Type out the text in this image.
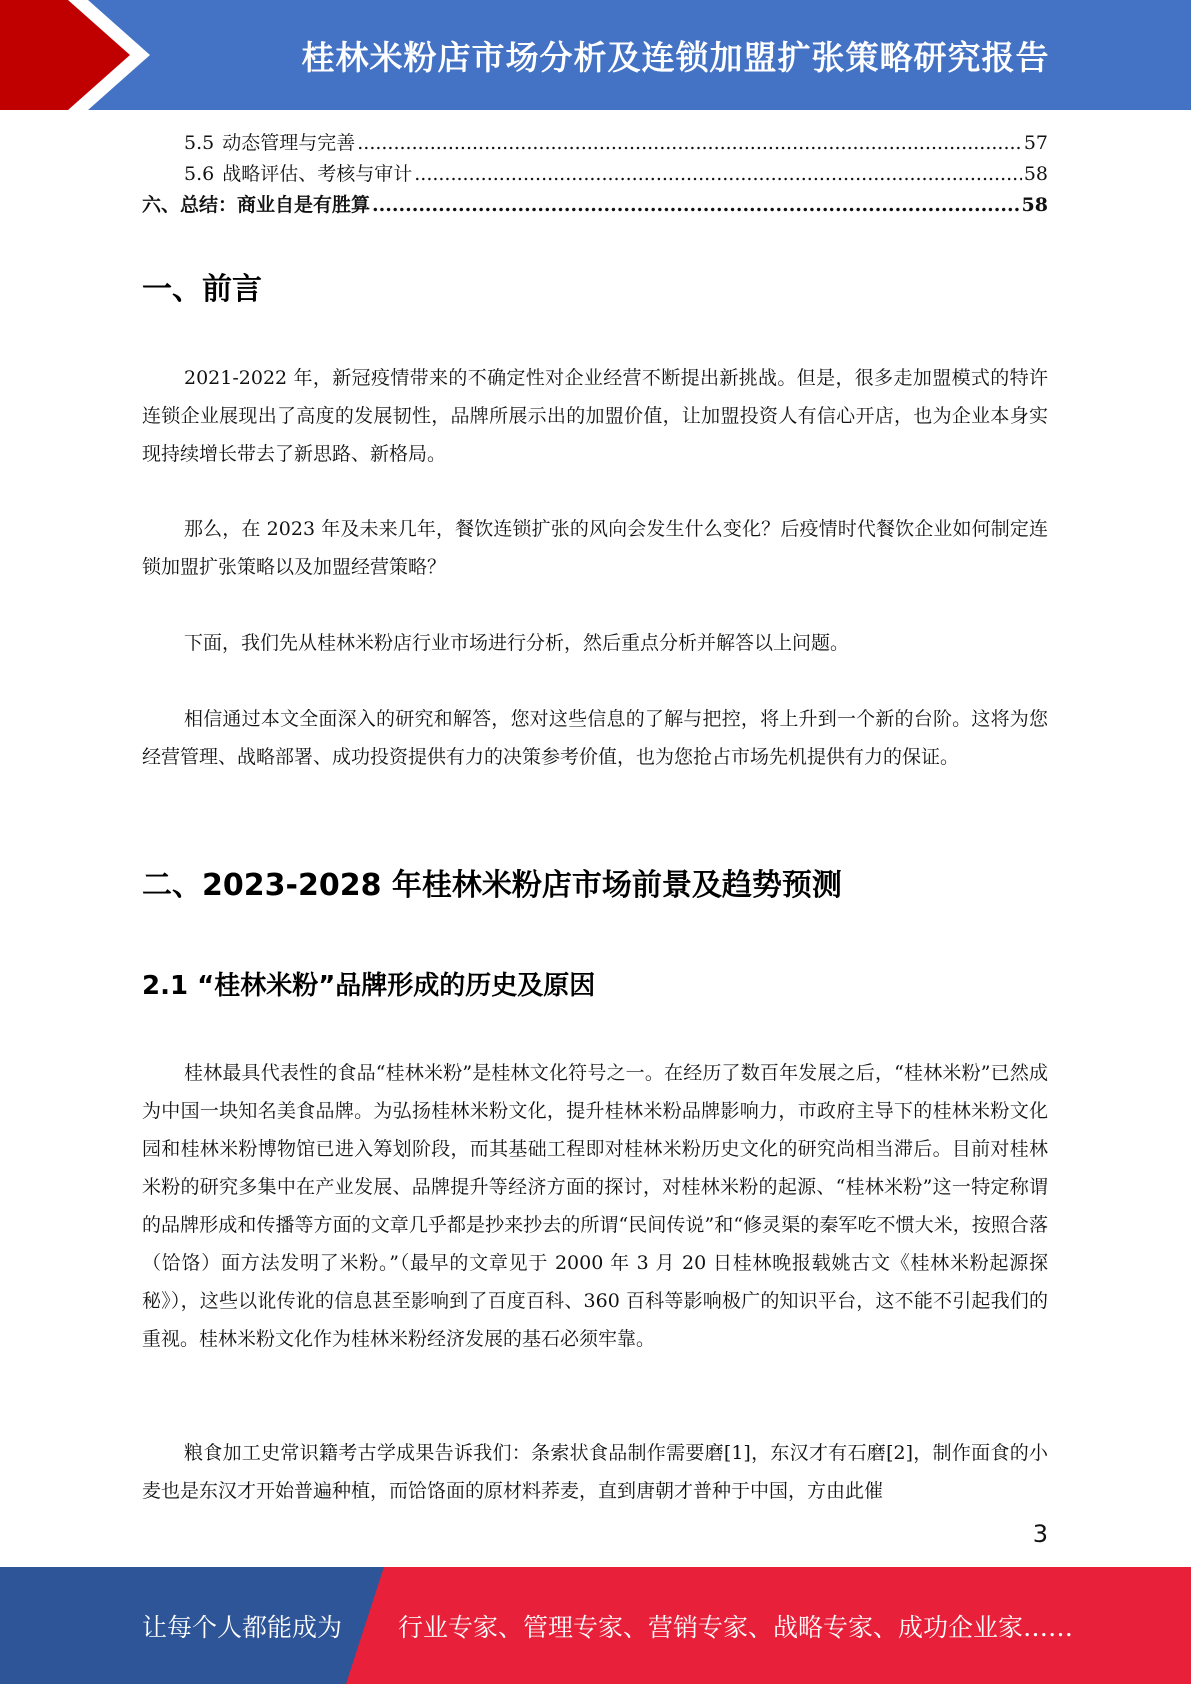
桂林米粉店市场分析及连锁加盟扩张策略研究报告
5.5 动态管理与完善 .....	57
5.6 战略评估、考核与审计 .....	58
六、总结：商业自是有胜算 .....	58
一、前言

2021-2022 年，新冠疫情带来的不确定性对企业经营不断提出新挑战。但是，很多走加盟模式的特许连锁企业展现出了高度的发展韧性，品牌所展示出的加盟价值，让加盟投资人有信心开店，也为企业本身实现持续增长带去了新思路、新格局。

那么，在 2023 年及未来几年，餐饮连锁扩张的风向会发生什么变化？后疫情时代餐饮企业如何制定连锁加盟扩张策略以及加盟经营策略？

下面，我们先从桂林米粉店行业市场进行分析，然后重点分析并解答以上问题。

相信通过本文全面深入的研究和解答，您对这些信息的了解与把控，将上升到一个新的台阶。这将为您经营管理、战略部署、成功投资提供有力的决策参考价值，也为您抢占市场先机提供有力的保证。

二、2023-2028 年桂林米粉店市场前景及趋势预测
2.1 “桂林米粉”品牌形成的历史及原因

桂林最具代表性的食品“桂林米粉”是桂林文化符号之一。在经历了数百年发展之后，“桂林米粉”已然成为中国一块知名美食品牌。为弘扬桂林米粉文化，提升桂林米粉品牌影响力，市政府主导下的桂林米粉文化园和桂林米粉博物馆已进入筹划阶段，而其基础工程即对桂林米粉历史文化的研究尚相当滞后。目前对桂林米粉的研究多集中在产业发展、品牌提升等经济方面的探讨，对桂林米粉的起源、“桂林米粉”这一特定称谓的品牌形成和传播等方面的文章几乎都是抄来抄去的所谓“民间传说”和“修灵渠的秦军吃不惯大米，按照合落（饸饹）面方法发明了米粉。”（最早的文章见于 2000 年 3 月 20 日桂林晚报载姚古文《桂林米粉起源探秘》），这些以讹传讹的信息甚至影响到了百度百科、360 百科等影响极广的知识平台，这不能不引起我们的重视。桂林米粉文化作为桂林米粉经济发展的基石必须牢靠。

粮食加工史常识籍考古学成果告诉我们：条索状食品制作需要磨[1]，东汉才有石磨[2]，制作面食的小麦也是东汉才开始普遍种植，而饸饹面的原材料荞麦，直到唐朝才普种于中国，方由此催

3
让每个人都能成为 行业专家、管理专家、营销专家、战略专家、成功企业家……
